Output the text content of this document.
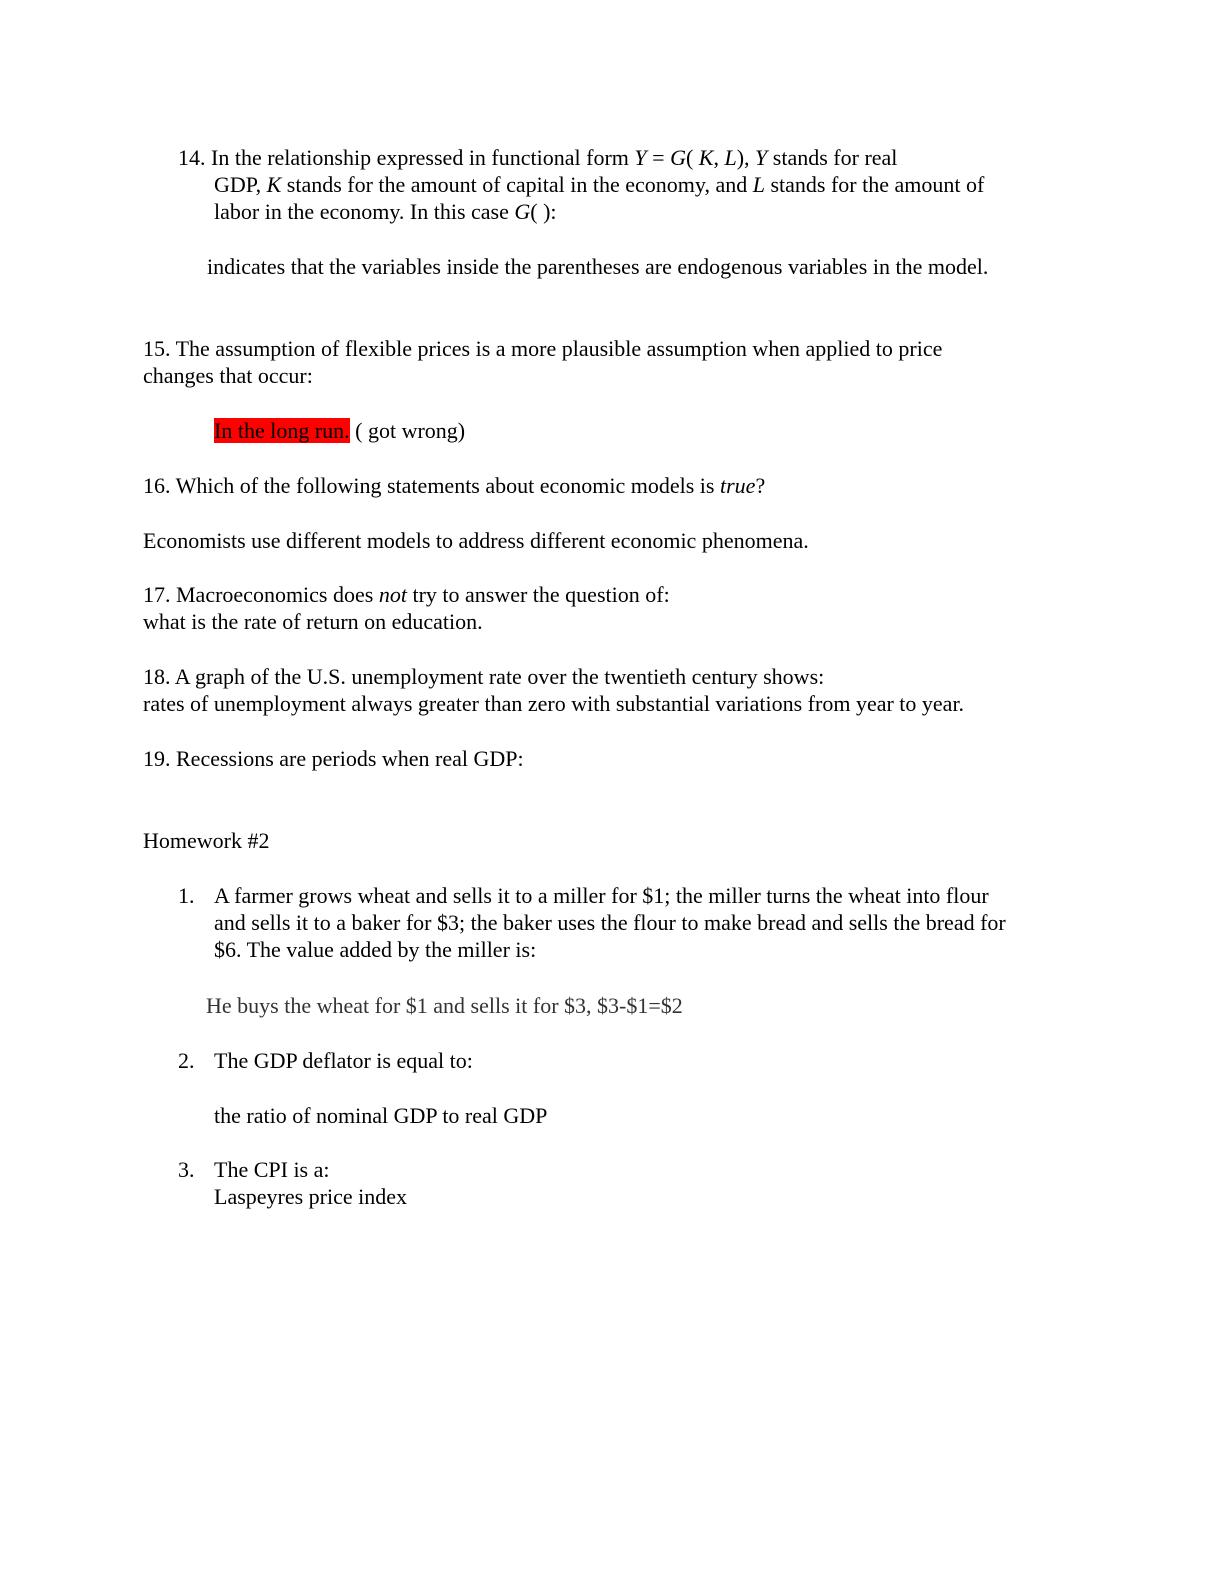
14. In the relationship expressed in functional form Y = G( K, L), Y stands for real
GDP, K stands for the amount of capital in the economy, and L stands for the amount of
labor in the economy. In this case G( ):
indicates that the variables inside the parentheses are endogenous variables in the model.
15. The assumption of flexible prices is a more plausible assumption when applied to price
changes that occur:
In the long run. ( got wrong)
16. Which of the following statements about economic models is true?
Economists use different models to address different economic phenomena.
17. Macroeconomics does not try to answer the question of:
what is the rate of return on education.
18. A graph of the U.S. unemployment rate over the twentieth century shows:
rates of unemployment always greater than zero with substantial variations from year to year.
19. Recessions are periods when real GDP:
Homework #2
1. A farmer grows wheat and sells it to a miller for $1; the miller turns the wheat into flour
and sells it to a baker for $3; the baker uses the flour to make bread and sells the bread for
$6. The value added by the miller is:
He buys the wheat for $1 and sells it for $3, $3-$1=$2
2. The GDP deflator is equal to:
the ratio of nominal GDP to real GDP
3. The CPI is a:
Laspeyres price index
